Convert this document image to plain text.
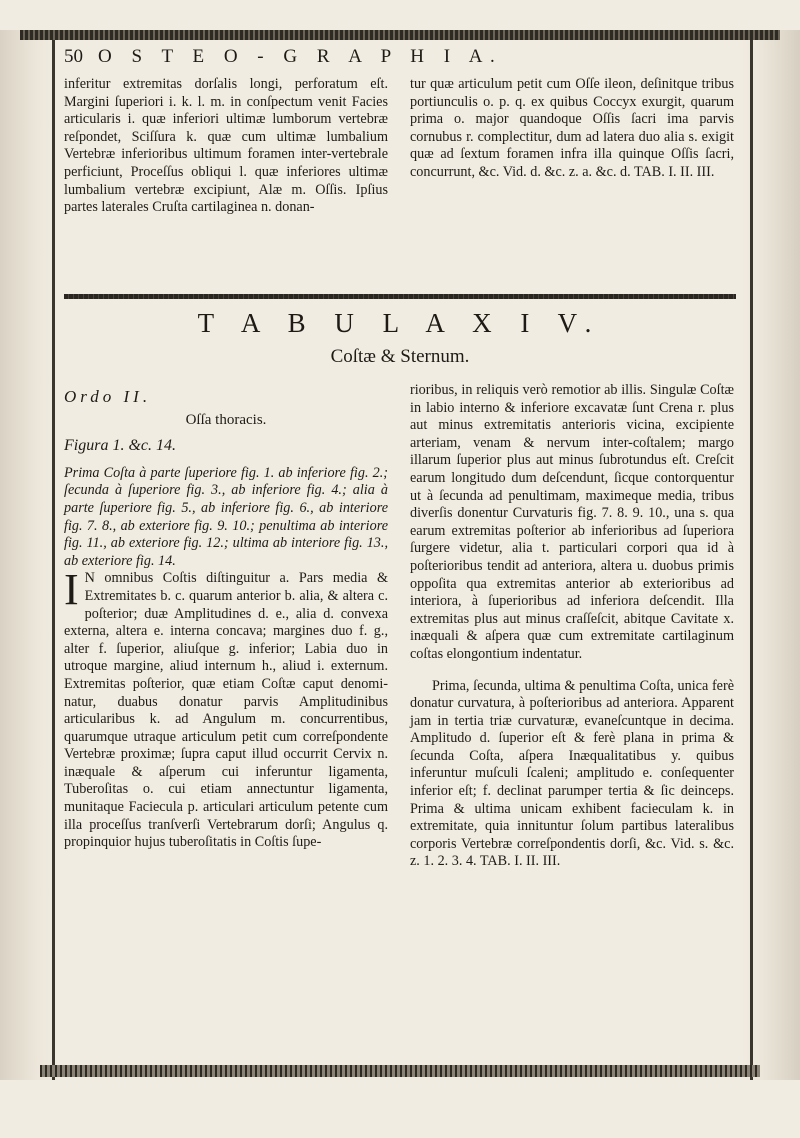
50 O S T E O - G R A P H I A.

inferitur extremitas dorſalis longi, perforatum eſt. Margini ſuperiori i. k. l. m. in conſpectum venit Facies articularis i. quæ inferiori ultimæ lumborum vertebræ reſpondet, Sciſſura k. quæ cum ultimæ lumbalium Vertebræ inferioribus ultimum foramen inter-vertebrale perficiunt, Proceſſus obliqui l. quæ inferiores ultimæ lumbalium vertebræ excipiunt, Alæ m. Oſſis. Ipſius partes laterales Cruſta cartilaginea n. donan-

tur quæ articulum petit cum Oſſe ileon, deſinitque tribus portiunculis o. p. q. ex quibus Coccyx exurgit, quarum prima o. major quandoque Oſſis ſacri ima parvis cornubus r. complectitur, dum ad latera duo alia s. exigit quæ ad ſextum foramen infra illa quinque Oſſis ſacri, concurrunt, &c. Vid. d. &c. z. a. &c. d. TAB. I. II. III.

T A B U L A X I V.
Coſtæ & Sternum.
Ordo II.
Oſſa thoracis.
Figura 1. &c. 14.

Prima Coſta à parte ſuperiore fig. 1. ab inferiore fig. 2.; ſecunda à ſuperiore fig. 3., ab inferiore fig. 4.; alia à parte ſuperiore fig. 5., ab inferiore fig. 6., ab interiore fig. 7. 8., ab exteriore fig. 9. 10.; penultima ab interiore fig. 11., ab exteriore fig. 12.; ultima ab interiore fig. 13., ab exteriore fig. 14.

I N omnibus Coſtis diſtinguitur a. Pars media & Extremitates b. c. quarum anterior b. alia, & altera c. poſterior; duæ Amplitudines d. e., alia d. convexa externa, altera e. interna concava; margines duo f. g., alter f. ſuperior, aliuſque g. inferior; Labia duo in utroque margine, aliud internum h., aliud i. externum. Extremitas poſterior, quæ etiam Coſtæ caput denominatur, duabus donatur parvis Amplitudinibus articularibus k. ad Angulum m. concurrentibus, quarumque utraque articulum petit cum correſpondente Vertebræ proximæ; ſupra caput illud occurrit Cervix n. inæquale & aſperum cui inferuntur ligamenta, Tuberoſitas o. cui etiam annectuntur ligamenta, munitaque Faciecula p. articulari articulum petente cum illa proceſſus tranſverſi Vertebrarum dorſi; Angulus q. propinquior hujus tuberoſitatis in Coſtis ſupe-

rioribus, in reliquis verò remotior ab illis. Singulæ Coſtæ in labio interno & inferiore excavatæ ſunt Crena r. plus aut minus extremitatis anterioris vicina, excipiente arteriam, venam & nervum inter-coſtalem; margo illarum ſuperior plus aut minus ſubrotundus eſt. Creſcit earum longitudo dum deſcendunt, ſicque contorquentur ut à ſecunda ad penultimam, maximeque media, tribus diverſis donentur Curvaturis fig. 7. 8. 9. 10., una s. qua earum extremitas poſterior ab inferioribus ad ſuperiora ſurgere videtur, alia t. particulari corpori qua id à poſterioribus tendit ad anteriora, altera u. duobus primis oppoſita qua extremitas anterior ab exterioribus ad interiora, à ſuperioribus ad inferiora deſcendit. Illa extremitas plus aut minus craſſeſcit, abitque Cavitate x. inæquali & aſpera quæ cum extremitate cartilaginum coſtas elongontium indentatur.

Prima, ſecunda, ultima & penultima Coſta, unica ferè donatur curvatura, à poſterioribus ad anteriora. Apparent jam in tertia triæ curvaturæ, evaneſcuntque in decima. Amplitudo d. ſuperior eſt & ferè plana in prima & ſecunda Coſta, aſpera Inæqualitatibus y. quibus inferuntur muſculi ſcaleni; amplitudo e. conſequenter inferior eſt; f. declinat parumper tertia & ſic deinceps. Prima & ultima unicam exhibent facieculam k. in extremitate, quia innituntur ſolum partibus lateralibus corporis Vertebræ correſpondentis dorſi, &c. Vid. s. &c. z. 1. 2. 3. 4. TAB. I. II. III.
